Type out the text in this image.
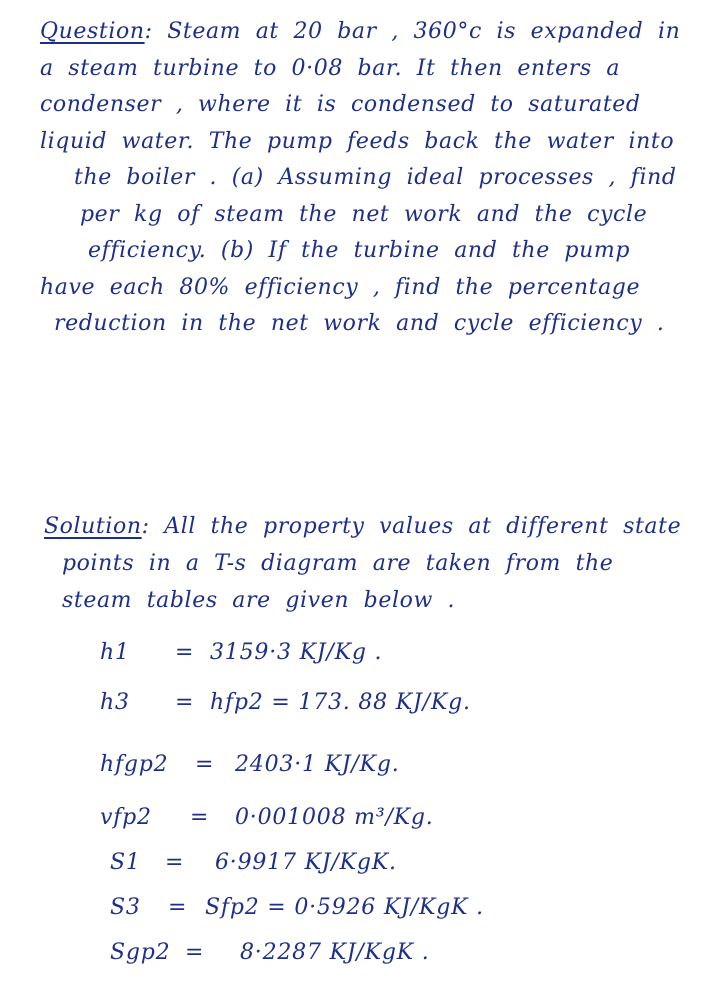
Question: Steam at 20 bar , 360°c is expanded in
a steam turbine to 0·08 bar. It then enters a
condenser , where it is condensed to saturated
liquid water. The pump feeds back the water into
the boiler . (a) Assuming ideal processes , find
per kg of steam the net work and the cycle
efficiency. (b) If the turbine and the pump
have each 80% efficiency , find the percentage
reduction in the net work and cycle efficiency .
Solution: All the property values at different state
points in a T-s diagram are taken from the
steam tables are given below .
h1	= 3159·3 KJ/Kg .
h3	= hfp2 = 173. 88 KJ/Kg.
hfgp2	= 2403·1 KJ/Kg.
vfp2	= 0·001008 m³/Kg.
S1	= 6·9917 KJ/KgK.
S3	= Sfp2 = 0·5926 KJ/KgK .
Sgp2 = 8·2287 KJ/KgK .
